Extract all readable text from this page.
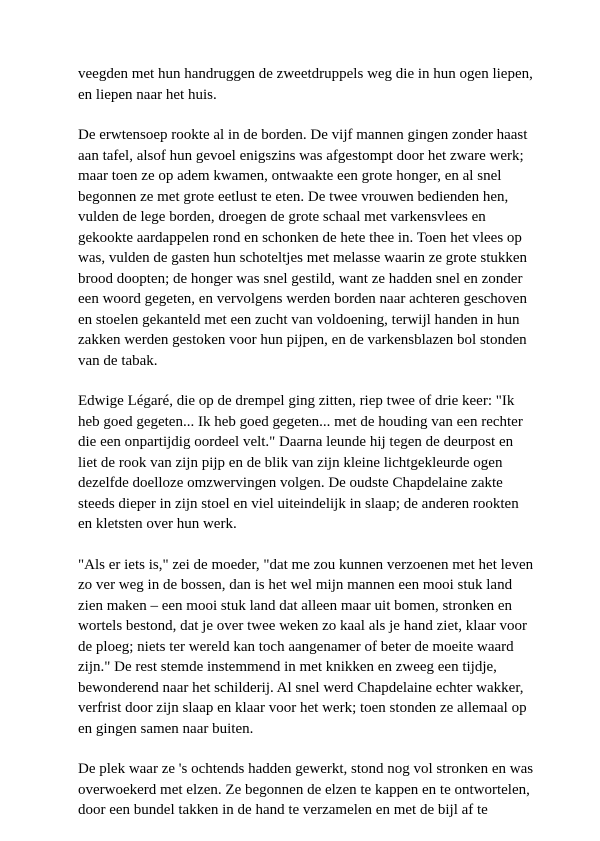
veegden met hun handruggen de zweetdruppels weg die in hun ogen liepen,
en liepen naar het huis.

De erwtensoep rookte al in de borden. De vijf mannen gingen zonder haast
aan tafel, alsof hun gevoel enigszins was afgestompt door het zware werk;
maar toen ze op adem kwamen, ontwaakte een grote honger, en al snel
begonnen ze met grote eetlust te eten. De twee vrouwen bedienden hen,
vulden de lege borden, droegen de grote schaal met varkensvlees en
gekookte aardappelen rond en schonken de hete thee in. Toen het vlees op
was, vulden de gasten hun schoteltjes met melasse waarin ze grote stukken
brood doopten; de honger was snel gestild, want ze hadden snel en zonder
een woord gegeten, en vervolgens werden borden naar achteren geschoven
en stoelen gekanteld met een zucht van voldoening, terwijl handen in hun
zakken werden gestoken voor hun pijpen, en de varkensblazen bol stonden
van de tabak.

Edwige Légaré, die op de drempel ging zitten, riep twee of drie keer: "Ik
heb goed gegeten... Ik heb goed gegeten... met de houding van een rechter
die een onpartijdig oordeel velt." Daarna leunde hij tegen de deurpost en
liet de rook van zijn pijp en de blik van zijn kleine lichtgekleurde ogen
dezelfde doelloze omzwervingen volgen. De oudste Chapdelaine zakte
steeds dieper in zijn stoel en viel uiteindelijk in slaap; de anderen rookten
en kletsten over hun werk.

"Als er iets is," zei de moeder, "dat me zou kunnen verzoenen met het leven
zo ver weg in de bossen, dan is het wel mijn mannen een mooi stuk land
zien maken – een mooi stuk land dat alleen maar uit bomen, stronken en
wortels bestond, dat je over twee weken zo kaal als je hand ziet, klaar voor
de ploeg; niets ter wereld kan toch aangenamer of beter de moeite waard
zijn." De rest stemde instemmend in met knikken en zweeg een tijdje,
bewonderend naar het schilderij. Al snel werd Chapdelaine echter wakker,
verfrist door zijn slaap en klaar voor het werk; toen stonden ze allemaal op
en gingen samen naar buiten.

De plek waar ze 's ochtends hadden gewerkt, stond nog vol stronken en was
overwoekerd met elzen. Ze begonnen de elzen te kappen en te ontwortelen,
door een bundel takken in de hand te verzamelen en met de bijl af te
